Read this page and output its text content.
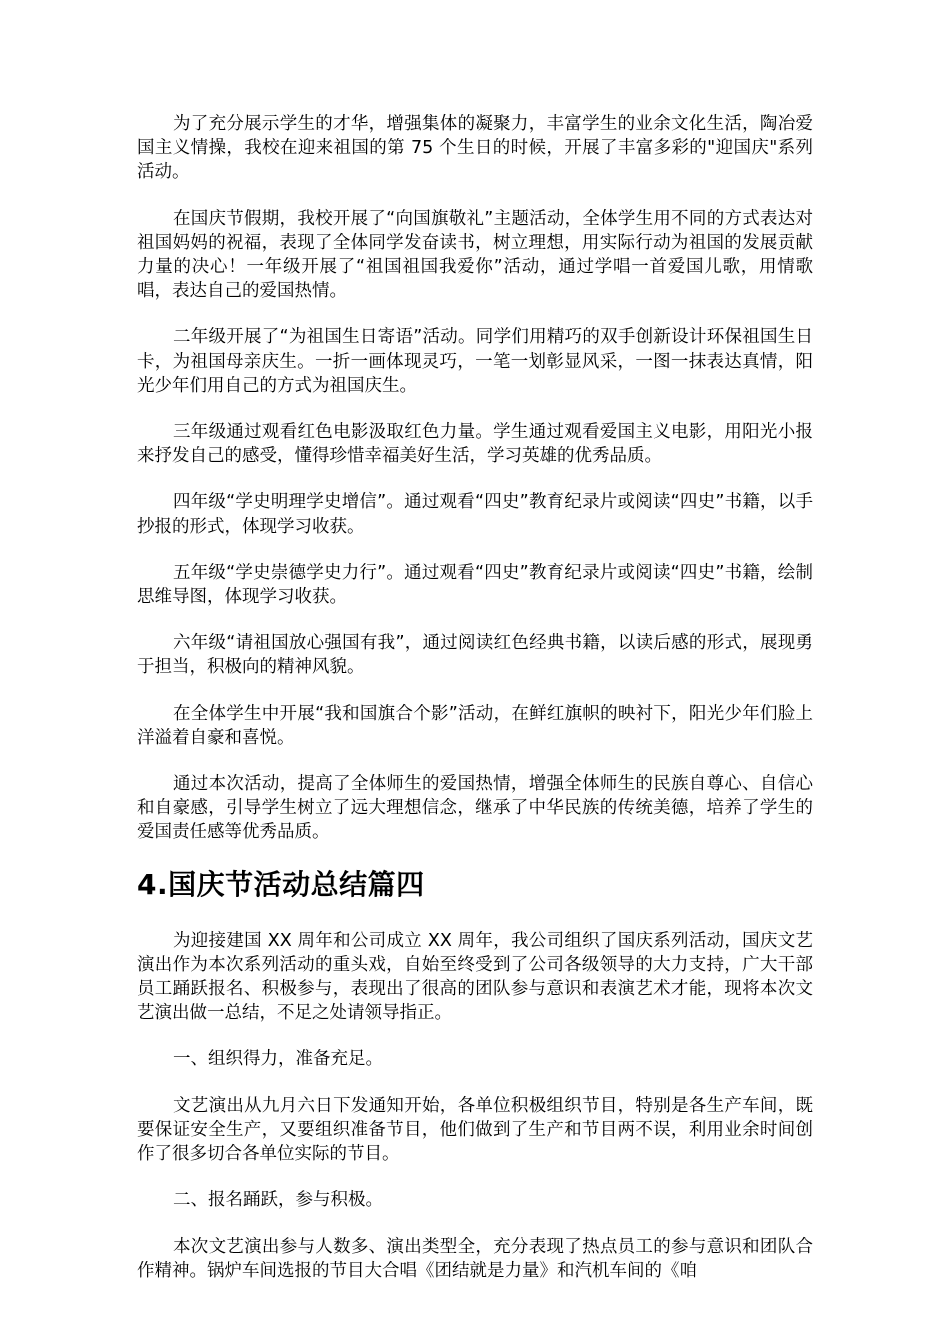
为了充分展示学生的才华，增强集体的凝聚力，丰富学生的业余文化生活，陶冶爱国主义情操，我校在迎来祖国的第 75 个生日的时候，开展了丰富多彩的"迎国庆"系列活动。

在国庆节假期，我校开展了“向国旗敬礼”主题活动，全体学生用不同的方式表达对祖国妈妈的祝福，表现了全体同学发奋读书，树立理想，用实际行动为祖国的发展贡献力量的决心！一年级开展了“祖国祖国我爱你”活动，通过学唱一首爱国儿歌，用情歌唱，表达自己的爱国热情。

二年级开展了“为祖国生日寄语”活动。同学们用精巧的双手创新设计环保祖国生日卡，为祖国母亲庆生。一折一画体现灵巧，一笔一划彰显风采，一图一抹表达真情，阳光少年们用自己的方式为祖国庆生。

三年级通过观看红色电影汲取红色力量。学生通过观看爱国主义电影，用阳光小报来抒发自己的感受，懂得珍惜幸福美好生活，学习英雄的优秀品质。

四年级“学史明理学史增信”。通过观看“四史”教育纪录片或阅读“四史”书籍，以手抄报的形式，体现学习收获。

五年级“学史崇德学史力行”。通过观看“四史”教育纪录片或阅读“四史”书籍，绘制思维导图，体现学习收获。

六年级“请祖国放心强国有我”，通过阅读红色经典书籍，以读后感的形式，展现勇于担当，积极向的精神风貌。

在全体学生中开展“我和国旗合个影”活动，在鲜红旗帜的映衬下，阳光少年们脸上洋溢着自豪和喜悦。

通过本次活动，提高了全体师生的爱国热情，增强全体师生的民族自尊心、自信心和自豪感，引导学生树立了远大理想信念，继承了中华民族的传统美德，培养了学生的爱国责任感等优秀品质。

4.国庆节活动总结篇四

为迎接建国 XX 周年和公司成立 XX 周年，我公司组织了国庆系列活动，国庆文艺演出作为本次系列活动的重头戏，自始至终受到了公司各级领导的大力支持，广大干部员工踊跃报名、积极参与，表现出了很高的团队参与意识和表演艺术才能，现将本次文艺演出做一总结，不足之处请领导指正。

一、组织得力，准备充足。

文艺演出从九月六日下发通知开始，各单位积极组织节目，特别是各生产车间，既要保证安全生产，又要组织准备节目，他们做到了生产和节目两不误，利用业余时间创作了很多切合各单位实际的节目。

二、报名踊跃，参与积极。

本次文艺演出参与人数多、演出类型全，充分表现了热点员工的参与意识和团队合作精神。锅炉车间选报的节目大合唱《团结就是力量》和汽机车间的《咱
